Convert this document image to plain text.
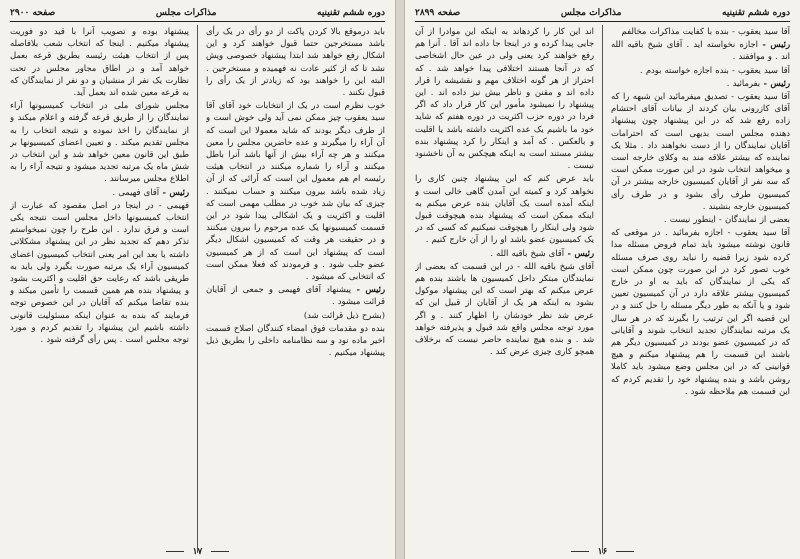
دوره ششم تقنینیه
مذاکرات مجلس
صفحه ۲۸۹۹

آقا سید یعقوب - بنده با کفایت مذاکرات مخالفم

رئیس - اجازه نخواسته اید . آقای شیخ باقیه الله اند . و موافقند .

آقا سید یعقوب - بنده اجازه خواسته بودم .

رئیس - بفرمائید .

آقا سید یعقوب - تصدیق میفرمائید این شبهه را که آقای کازرونی بیان کردند از بیانات آقای احتشام زاده رفع شد که در این پیشنهاد چون پیشنهاد دهنده مجلس است بدیهی است که احترامات آقایان نمایندگان را از دست نخواهند داد . مثلا یک نماینده که بیشتر علاقه مند به وکلای خارجه است و میخواهد انتخاب شود در این صورت ممکن است که سه نفر از آقایان کمیسیون خارجه بیشتر در آن کمیسیون طرف رأی بشود و در طرف رأی کمیسیون خارجه بنشیند .

بعضی از نمایندگان - اینطور نیست .

آقا سید یعقوب - اجازه بفرمائید . در موقعی که قانون نوشته میشود باید تمام فروض مسئله مدا کرده شود زیرا قضیه را نباید روی صرف مسئله خوب تصور کرد در این صورت چون ممکن است که یکی از نمایندگان که باید به او در خارج کمیسیون بیشتر علاقه دارد در آن کمیسیون تعیین شود و یا آنکه به طور دیگر مسئله را حل کنند و در این قضیه اگر این ترتیب را بگیرند که در هر سال یک مرتبه نمایندگان تجدید انتخاب شوند و آقایانی که در کمیسیون عضو بودند در کمیسیون دیگر هم باشند این قسمت را هم پیشنهاد میکنم و هیچ قوانینی که در این مجلس وضع میشود باید کاملا روشن باشد و بنده پیشنهاد خود را تقدیم کردم که این قسمت هم ملاحظه شود .

اند این کار را کردهاند به اینکه این موادرا از آن جایی پیدا کرده و در اینجا جا داده اند آقا . آنرا هم رفع خواهند کرد یعنی ولی در عین حال اشخاصی که در آنجا هستند اختلافی پیدا خواهد شد . که احتراز از هر گونه اختلاف مهم و نقشیشه را قرار داده اند و مقنن و ناظر بیش نیز داده اند . این پیشنهاد را نمیشود مأمور این کار قرار داد که اگر فردا در دوره حزب اکثریت در دوره هفتم که شاید خود ما باشیم یک عده اکثریت داشته باشد یا اقلیت و بالعکس . که آمد و اینکار را کرد پیشنهاد بنده بیشتر مستند است به اینکه هیچکس به آن ناخشنود نیست .

باید عرض کنم که این پیشنهاد چنین کاری را نخواهد کرد و کمیته این آمدن گاهی خالی است و اینکه آمده است یک آقایان بنده عرض میکنم به اینکه ممکن است که پیشنهاد بنده هیچوقت قبول شود ولی اینکار را هیچوقت نمیکنیم که کسی که در یک کمیسیون عضو باشد او را از آن خارج کنیم .

رئیس - آقای شیخ باقیه الله .

آقای شیخ باقیه الله - در این قسمت که بعضی از نمایندگان مبتکر داخل کمیسیون ها باشند بنده هم عرض میکنم که بهتر است که این پیشنهاد موکول بشود به اینکه هر یک از آقایان از قبیل این که عرض شد نظر خودشان را اظهار کنند . و اگر مورد توجه مجلس واقع شد قبول و پذیرفته خواهد شد . و بنده هیچ نماینده حاضر نیست که برخلاف همچو کاری چیزی عرض کند .

۱۶
دوره ششم تقنینیه
مذاکرات مجلس
صفحه ۲۹۰۰

باید درموقع بالا کردن پاکت از دو رأی در یک رأی باشد مستخرجین حتما قبول خواهند کرد و این اشکال رفع خواهد شد ابتدا پیشنهاد خصوصی ویش نشد تا که از کثیر عادت نه فهمیده و مستخرجین . البته این را خواهند بود که زیادتر از یک رأی را قبول نکنند .

خوب نظرم است در یک از انتخابات خود آقای آقا سید یعقوب چیز ممکن نمی آید ولی خوش است و از طرف دیگر بودند که شاید معمولا این است که آن آراء را میگیرند و عده حاضرین مجلس را معین میکنند و هر چه آراء بیش از آنها باشد آنرا باطل میکنند و آراء را شماره میکنند در انتخاب هیئت رئیسه ام هم معمول این است که آرائی که از آن زیاد شده باشد بیرون میکنند و حساب نمیکنند . چیزی که بیان شد خوب در مطلب مهمی است که اقلیت و اکثریت و یک اشکالی پیدا شود در این قسمت کمیسیونها یک عده مرحوم را بیرون میکنند و در حقیقت هر وقت که کمیسیون اشکال دیگر است که پیشنهاد این است که از هر کمیسیون عضو جلب شود . و فرمودند که فعلا ممکن است که انتخابی که میشود .

رئیس - پیشنهاد آقای فهیمی و جمعی از آقایان قرائت میشود .

(بشرح ذیل قرائت شد)

بنده دو مقدمات فوق امضاء کنندگان اصلاح قسمت اخیر ماده نود و سه نظامنامه داخلی را بطریق ذیل پیشنهاد میکنیم .

پیشنهاد بوده و تصویب آنرا با قید دو فوریت پیشنهاد میکنیم . اینجا که انتخاب شعب بلافاصله پس از انتخاب هیئت رئیسه بطریق قرعه بعمل خواهد آمد و در اطاق مجاور مجلس در تحت نظارت یک نفر از منشیان و دو نفر از نمایندگان که به قرعه معین شده اند بعمل آید.

مجلس شورای ملی در انتخاب کمیسیونها آراء نمایندگان را از طریق قرعه گرفته و اعلام میکند و از نمایندگان را اخذ نموده و نتیجه انتخاب را به مجلس تقدیم میکند . و تعیین اعضای کمیسیونها بر طبق این قانون معین خواهد شد و این انتخاب در شش ماه یک مرتبه تجدید میشود و نتیجه آراء را به اطلاع مجلس میرسانند .

رئیس - آقای فهیمی .

فهیمی - در اینجا در اصل مقصود که عبارت از انتخاب کمیسیونها داخل مجلس است نتیجه یکی است و فرق ندارد . این طرح را چون نمیخواستم تذکر دهم که تجدید نظر در این پیشنهاد مشکلاتی داشته یا بعد این امر یعنی انتخاب کمیسیون اعضای کمیسیون آراء یک مرتبه صورت بگیرد ولی باید به طریقی باشد که رعایت حق اقلیت و اکثریت بشود و پیشنهاد بنده هم همین قسمت را تأمین میکند و بنده تقاضا میکنم که آقایان در این خصوص توجه فرمایند که بنده به عنوان اینکه مسئولیت قانونی داشته باشیم این پیشنهاد را تقدیم کردم و مورد توجه مجلس است . پس رأی گرفته شود .

۱۷
